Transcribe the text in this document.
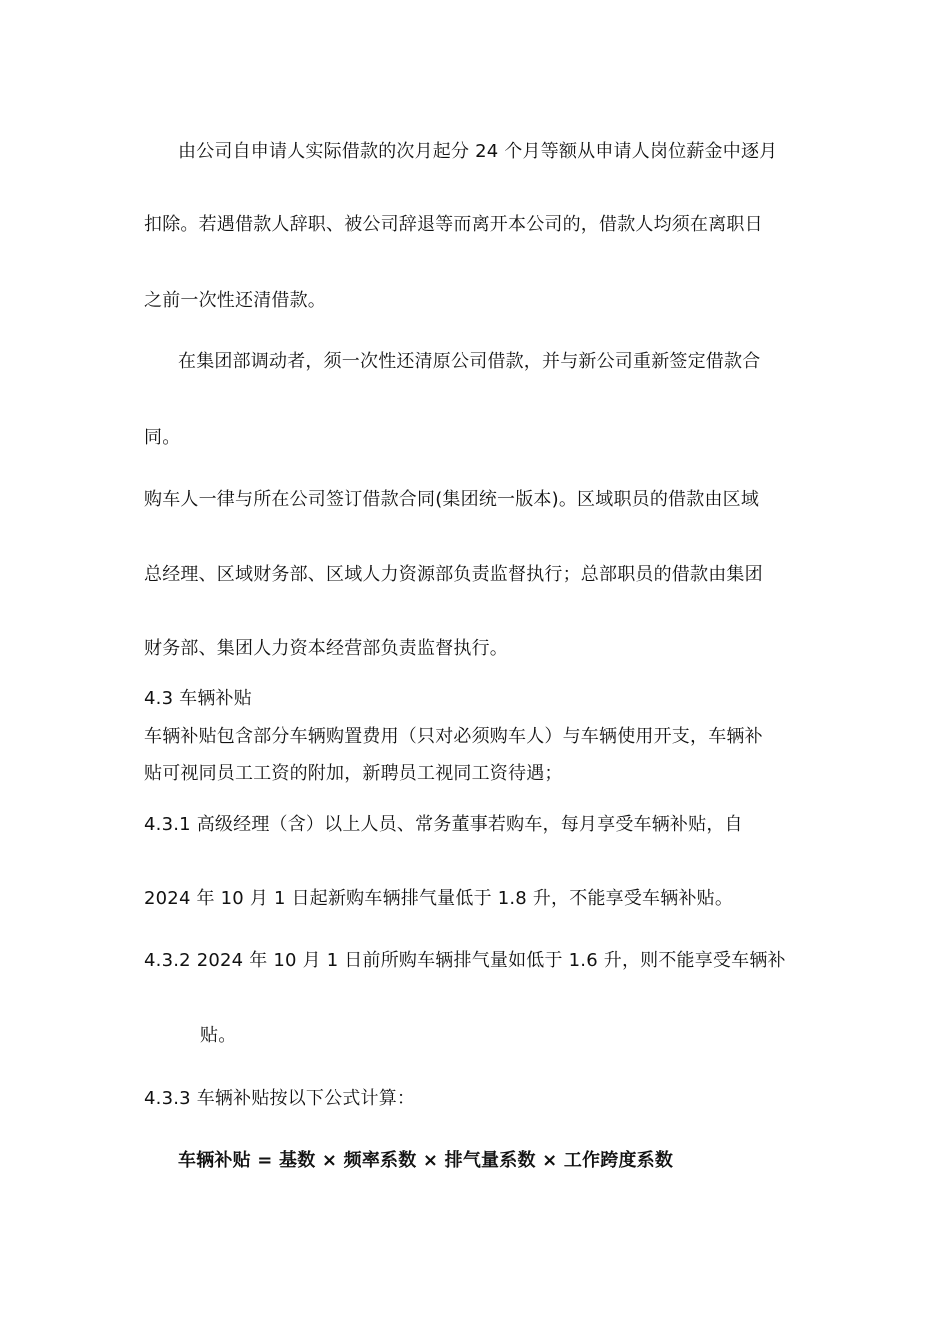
由公司自申请人实际借款的次月起分 24 个月等额从申请人岗位薪金中逐月
扣除。若遇借款人辞职、被公司辞退等而离开本公司的，借款人均须在离职日
之前一次性还清借款。
在集团部调动者，须一次性还清原公司借款，并与新公司重新签定借款合
同。
购车人一律与所在公司签订借款合同(集团统一版本)。区域职员的借款由区域
总经理、区域财务部、区域人力资源部负责监督执行；总部职员的借款由集团
财务部、集团人力资本经营部负责监督执行。
4.3 车辆补贴
车辆补贴包含部分车辆购置费用（只对必须购车人）与车辆使用开支，车辆补
贴可视同员工工资的附加，新聘员工视同工资待遇；
4.3.1 高级经理（含）以上人员、常务董事若购车，每月享受车辆补贴，自
2024 年 10 月 1 日起新购车辆排气量低于 1.8 升，不能享受车辆补贴。
4.3.2 2024 年 10 月 1 日前所购车辆排气量如低于 1.6 升，则不能享受车辆补
贴。
4.3.3 车辆补贴按以下公式计算：
车辆补贴 = 基数 × 频率系数 × 排气量系数 × 工作跨度系数
